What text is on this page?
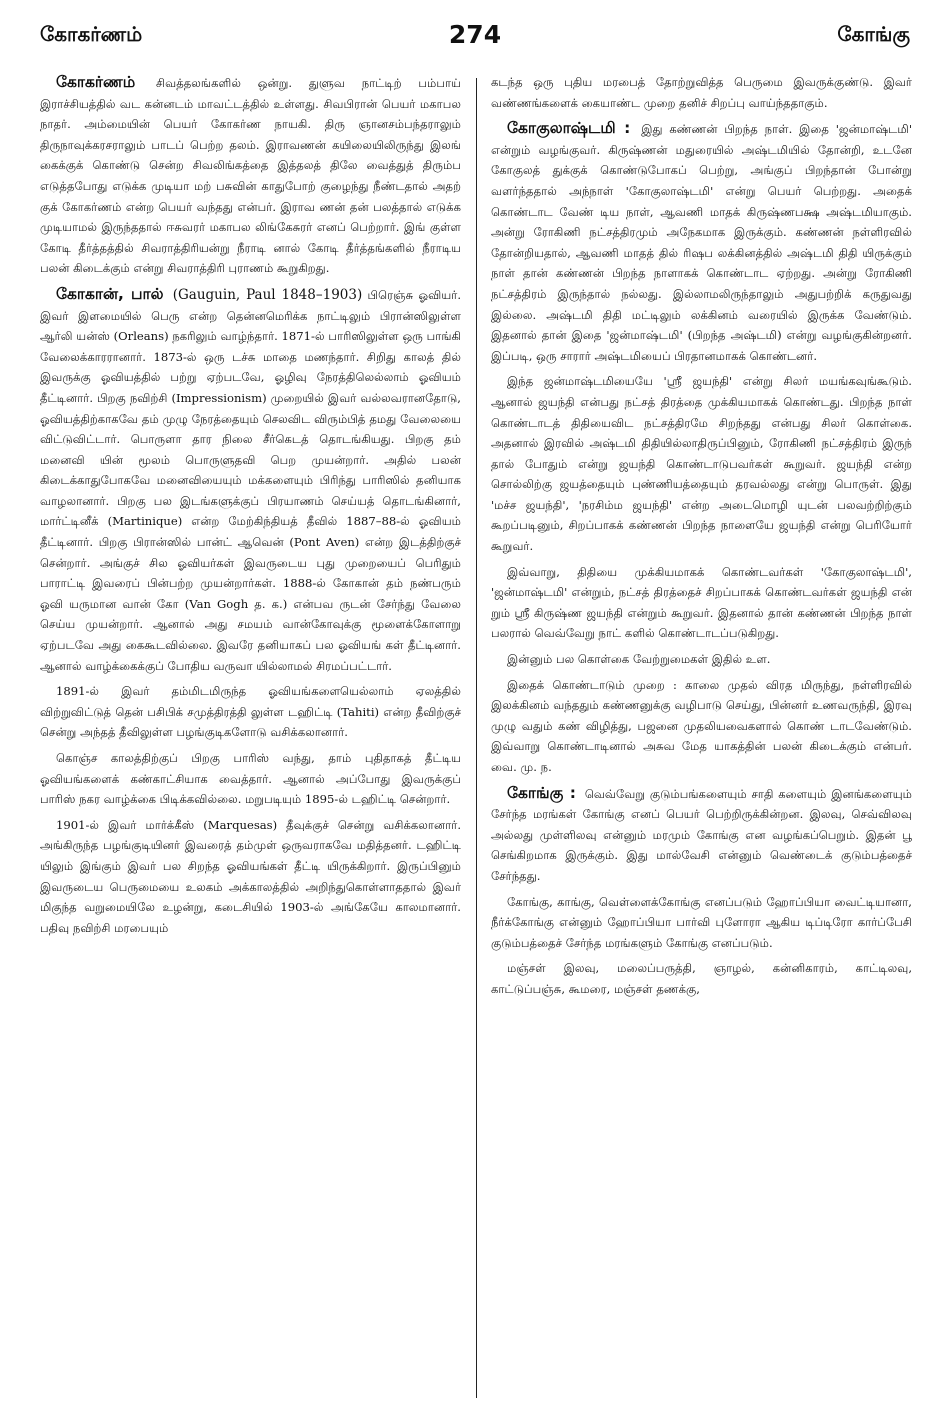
கோகர்ணம்	274	கோங்கு

கோகர்ணம் சிவத்தலங்களில் ஒன்று. துளுவ நாட்டிற் பம்பாய் இராச்சியத்தில் வட கன்னடம் மாவட்டத்தில் உள்ளது. சிவபிரான் பெயர் மகாபல நாதர். அம்மையின் பெயர் கோகர்ண நாயகி. திரு ஞானசம்பந்தராலும் திருநாவுக்கரசராலும் பாடப் பெற்ற தலம். இராவணன் கயிலையிலிருந்து இலங் கைக்குக் கொண்டு சென்ற சிவலிங்கத்தை இத்தலத் திலே வைத்துத் திரும்ப எடுத்தபோது எடுக்க முடியா மற் பசுவின் காதுபோற் குழைந்து நீண்டதால் அதற் குக் கோகர்ணம் என்ற பெயர் வந்தது என்பர். இராவ ணன் தன் பலத்தால் எடுக்க முடியாமல் இருந்ததால் ஈசுவரர் மகாபல லிங்கேசுரர் எனப் பெற்றார். இங் குள்ள கோடி தீர்த்தத்தில் சிவராத்திரியன்று நீராடி னால் கோடி தீர்த்தங்களில் நீராடிய பலன் கிடைக்கும் என்று சிவராத்திரி புராணம் கூறுகிறது.

கோகான், பால் (Gauguin, Paul 1848–1903) பிரெஞ்சு ஓவியர். இவர் இளமையில் பெரு என்ற தென்னமெரிக்க நாட்டிலும் பிரான்ஸிலுள்ள ஆர்லி யன்ஸ் (Orleans) நகரிலும் வாழ்ந்தார். 1871-ல் பாரிஸிலுள்ள ஒரு பாங்கி வேலைக்காரரானார். 1873-ல் ஒரு டச்சு மாதை மணந்தார். சிறிது காலத் தில் இவருக்கு ஓவியத்தில் பற்று ஏற்படவே, ஓழிவு நேரத்திலெல்லாம் ஓவியம் தீட்டினார். பிறகு நவிற்சி (Impressionism) முறையில் இவர் வல்லவரானதோடு, ஓவியத்திற்காகவே தம் முழு நேரத்தையும் செலவிட விரும்பித் தமது வேலையை விட்டுவிட்டார். பொருளா தார நிலை சீர்கெடத் தொடங்கியது. பிறகு தம் மனைவி யின் மூலம் பொருளுதவி பெற முயன்றார். அதில் பலன் கிடைக்காதுபோகவே மனைவியையும் மக்களையும் பிரிந்து பாரிஸில் தனியாக வாழலானார். பிறகு பல இடங்களுக்குப் பிரயாணம் செய்யத் தொடங்கினார், மார்ட்டினீக் (Martinique) என்ற மேற்கிந்தியத் தீவில் 1887–88-ல் ஓவியம் தீட்டினார். பிறகு பிரான்ஸில் பான்ட் ஆவென் (Pont Aven) என்ற இடத்திற்குச் சென்றார். அங்குச் சில ஓவியர்கள் இவருடைய புது முறையைப் பெரிதும் பாராட்டி இவரைப் பின்பற்ற முயன்றார்கள். 1888-ல் கோகான் தம் நண்பரும் ஓவி யருமான வான் கோ (Van Gogh த. க.) என்பவ ருடன் சேர்ந்து வேலை செய்ய முயன்றார். ஆனால் அது சமயம் வான்கோவுக்கு மூளைக்கோளாறு ஏற்படவே அது கைகூடவில்லை. இவரே தனியாகப் பல ஓவியங் கள் தீட்டினார். ஆனால் வாழ்க்கைக்குப் போதிய வருவா யில்லாமல் சிரமப்பட்டார்.

1891-ல் இவர் தம்மிடமிருந்த ஓவியங்களையெல்லாம் ஏலத்தில் விற்றுவிட்டுத் தென் பசிபிக் சமுத்திரத்தி லுள்ள டஹிட்டி (Tahiti) என்ற தீவிற்குச் சென்று அந்தத் தீவிலுள்ள பழங்குடிகளோடு வசிக்கலானார்.

கொஞ்ச காலத்திற்குப் பிறகு பாரிஸ் வந்து, தாம் புதிதாகத் தீட்டிய ஓவியங்களைக் கண்காட்சியாக வைத்தார். ஆனால் அப்போது இவருக்குப் பாரிஸ் நகர வாழ்க்கை பிடிக்கவில்லை. மறுபடியும் 1895-ல் டஹிட்டி சென்றார்.

1901-ல் இவர் மார்க்கீஸ் (Marquesas) தீவுக்குச் சென்று வசிக்கலானார். அங்கிருந்த பழங்குடியினர் இவரைத் தம்முள் ஒருவராகவே மதித்தனர். டஹிட்டி யிலும் இங்கும் இவர் பல சிறந்த ஓவியங்கள் தீட்டி யிருக்கிறார். இருப்பினும் இவருடைய பெருமையை உலகம் அக்காலத்தில் அறிந்துகொள்ளாததால் இவர் மிகுந்த வறுமையிலே உழன்று, கடைசியில் 1903-ல் அங்கேயே காலமானார். பதிவு நவிற்சி மரபையும்

கடந்த ஒரு புதிய மரபைத் தோற்றுவித்த பெருமை இவருக்குண்டு. இவர் வண்ணங்களைக் கையாண்ட முறை தனிச் சிறப்பு வாய்ந்ததாகும்.

கோகுலாஷ்டமி : இது கண்ணன் பிறந்த நாள். இதை 'ஜன்மாஷ்டமி' என்றும் வழங்குவர். கிருஷ்ணன் மதுரையில் அஷ்டமியில் தோன்றி, உடனே கோகுலத் துக்குக் கொண்டுபோகப் பெற்று, அங்குப் பிறந்தான் போன்று வளர்ந்ததால் அந்நாள் 'கோகுலாஷ்டமி' என்று பெயர் பெற்றது. அதைக் கொண்டாட வேண் டிய நாள், ஆவணி மாதக் கிருஷ்ணபக்ஷ அஷ்டமியாகும். அன்று ரோகிணி நட்சத்திரமும் அநேகமாக இருக்கும். கண்ணன் நள்ளிரவில் தோன்றியதால், ஆவணி மாதத் தில் ரிஷப லக்கினத்தில் அஷ்டமி திதி யிருக்கும் நாள் தான் கண்ணன் பிறந்த நாளாகக் கொண்டாட ஏற்றது. அன்று ரோகிணி நட்சத்திரம் இருந்தால் நல்லது. இல்லாமலிருந்தாலும் அதுபற்றிக் கருதுவது இல்லை. அஷ்டமி திதி மட்டிலும் லக்கினம் வரையில் இருக்க வேண்டும். இதனால் தான் இதை 'ஜன்மாஷ்டமி' (பிறந்த அஷ்டமி) என்று வழங்குகின்றனர். இப்படி, ஒரு சாரார் அஷ்டமியைப் பிரதானமாகக் கொண்டனர்.

இந்த ஜன்மாஷ்டமியையே 'ஸ்ரீ ஜயந்தி' என்று சிலர் மயங்கவுங்கூடும். ஆனால் ஜயந்தி என்பது நட்சத் திரத்தை முக்கியமாகக் கொண்டது. பிறந்த நாள் கொண்டாடத் திதியைவிட நட்சத்திரமே சிறந்தது என்பது சிலர் கொள்கை. அதனால் இரவில் அஷ்டமி திதியில்லாதிருப்பினும், ரோகிணி நட்சத்திரம் இருந் தால் போதும் என்று ஜயந்தி கொண்டாடுபவர்கள் கூறுவர். ஜயந்தி என்ற சொல்லிற்கு ஜயத்தையும் புண்ணியத்தையும் தரவல்லது என்று பொருள். இது 'மச்ச ஜயந்தி', 'நரசிம்ம ஜயந்தி' என்ற அடைமொழி யுடன் பலவற்றிற்கும் கூறப்படினும், சிறப்பாகக் கண்ணன் பிறந்த நாளையே ஜயந்தி என்று பெரியோர் கூறுவர்.

இவ்வாறு, திதியை முக்கியமாகக் கொண்டவர்கள் 'கோகுலாஷ்டமி', 'ஜன்மாஷ்டமி' என்றும், நட்சத் திரத்தைச் சிறப்பாகக் கொண்டவர்கள் ஜயந்தி என் றும் ஸ்ரீ கிருஷ்ண ஜயந்தி என்றும் கூறுவர். இதனால் தான் கண்ணன் பிறந்த நாள் பலரால் வெவ்வேறு நாட் களில் கொண்டாடப்படுகிறது.

இன்னும் பல கொள்கை வேற்றுமைகள் இதில் உள.

இதைக் கொண்டாடும் முறை : காலை முதல் விரத மிருந்து, நள்ளிரவில் இலக்கினம் வந்ததும் கண்ணனுக்கு வழிபாடு செய்து, பின்னர் உணவருந்தி, இரவு முழு வதும் கண் விழித்து, பஜனை முதலியவைகளால் கொண் டாடவேண்டும். இவ்வாறு கொண்டாடினால் அசுவ மேத யாகத்தின் பலன் கிடைக்கும் என்பர். வை. மு. ந.

கோங்கு : வெவ்வேறு குடும்பங்களையும் சாதி களையும் இனங்களையும் சேர்ந்த மரங்கள் கோங்கு எனப் பெயர் பெற்றிருக்கின்றன. இலவு, செவ்விலவு அல்லது முள்ளிலவு என்னும் மரமும் கோங்கு என வழங்கப்பெறும். இதன் பூ செங்கிறமாக இருக்கும். இது மால்வேசி என்னும் வெண்டைக் குடும்பத்தைச் சேர்ந்தது.

கோங்கு, காங்கு, வெள்ளைக்கோங்கு எனப்படும் ஹோப்பியா வைட்டியானா, நீர்க்கோங்கு என்னும் ஹோப்பியா பார்வி புளோரா ஆகிய டிப்டிரோ கார்ப்பேசி குடும்பத்தைச் சேர்ந்த மரங்களும் கோங்கு எனப்படும்.

மஞ்சள் இலவு, மலைப்பருத்தி, ஞாழல், கன்னிகாரம், காட்டிலவு, காட்டுப்பஞ்சு, கூமரை, மஞ்சள் தணக்கு,
